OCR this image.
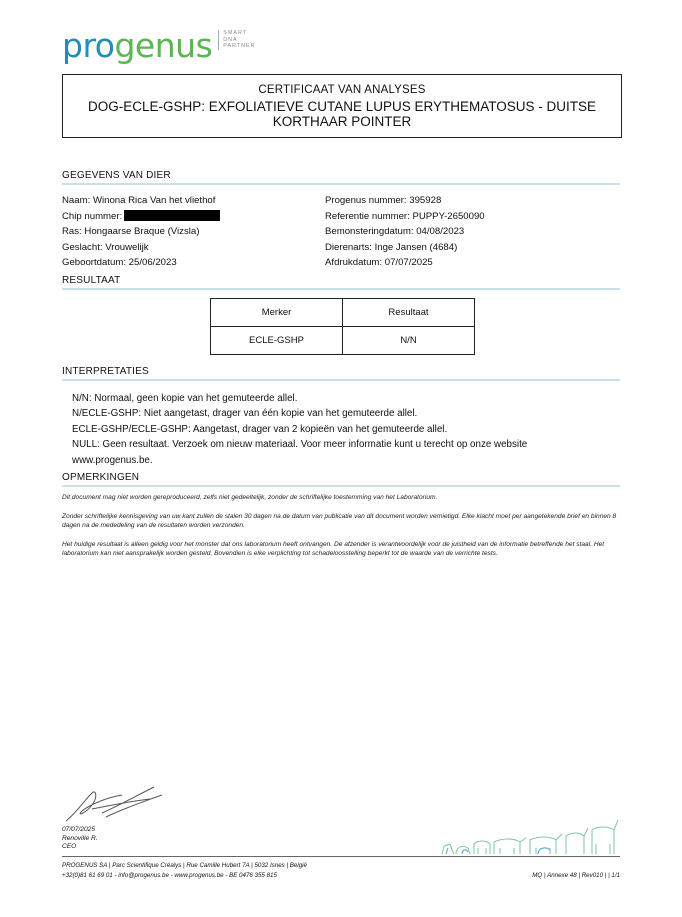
progenus SMART
DNA
PARTNER
CERTIFICAAT VAN ANALYSES
DOG-ECLE-GSHP: EXFOLIATIEVE CUTANE LUPUS ERYTHEMATOSUS - DUITSE KORTHAAR POINTER
GEGEVENS VAN DIER
Naam: Winona Rica Van het vliethof
Chip nummer:
Ras: Hongaarse Braque (Vizsla)
Geslacht: Vrouwelijk
Geboortdatum: 25/06/2023
Progenus nummer: 395928
Referentie nummer: PUPPY-2650090
Bemonsteringdatum: 04/08/2023
Dierenarts: Inge Jansen (4684)
Afdrukdatum: 07/07/2025
RESULTAAT
Merker	Resultaat
ECLE-GSHP	N/N
INTERPRETATIES
N/N: Normaal, geen kopie van het gemuteerde allel.
N/ECLE-GSHP: Niet aangetast, drager van één kopie van het gemuteerde allel.
ECLE-GSHP/ECLE-GSHP: Aangetast, drager van 2 kopieën van het gemuteerde allel.
NULL: Geen resultaat. Verzoek om nieuw materiaal. Voor meer informatie kunt u terecht op onze website
www.progenus.be.
OPMERKINGEN
Dit document mag niet worden gereproduceerd, zelfs niet gedeeltelijk, zonder de schriftelijke toestemming van het Laboratorium.
Zonder schriftelijke kennisgeving van uw kant zullen de stalen 30 dagen na de datum van publicatie van dit document worden vernietigd. Elke klacht moet per aangetekende brief en binnen 8 dagen na de mededeling van de resultaten worden verzonden.
Het huidige resultaat is alleen geldig voor het monster dat ons laboratorium heeft ontvangen. De afzender is verantwoordelijk voor de juistheid van de informatie betreffende het staal. Het laboratorium kan niet aansprakelijk worden gesteld. Bovendien is elke verplichting tot schadeloosstelling beperkt tot de waarde van de verrichte tests.
07/07/2025
Renoville R.
CEO
PROGENUS SA | Parc Scientifique Créalys | Rue Camille Hubert 7A | 5032 Isnes | België
+32(0)81 61 69 01 - info@progenus.be - www.progenus.be - BE 0476 355 815	MQ | Annexe 48 | Rev010 | | 1/1
